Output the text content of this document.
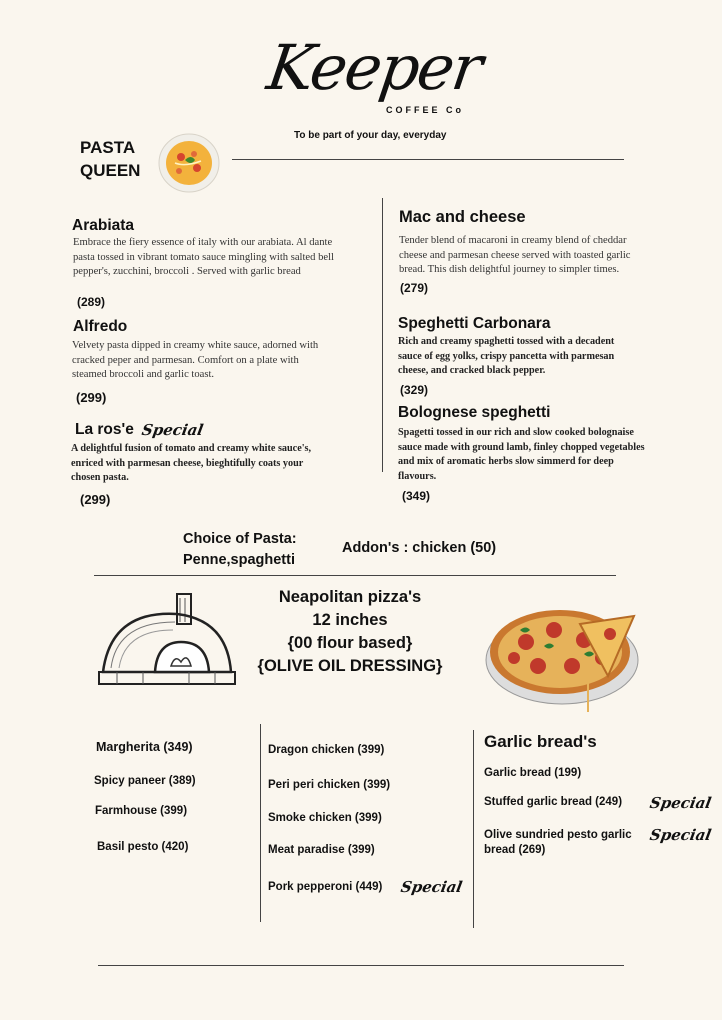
Keeper
COFFEE Co
To be part of your day, everyday
PASTA
QUEEN
Arabiata
Embrace the fiery essence of italy with our arabiata. Al dante pasta tossed in vibrant tomato sauce mingling with salted bell pepper's, zucchini, broccoli . Served with garlic bread
(289)
Alfredo
Velvety pasta dipped in creamy white sauce, adorned with cracked peper and parmesan. Comfort on a plate with steamed broccoli and garlic toast.
(299)
La ros'e Special
A delightful fusion of tomato and creamy white sauce's, enriced with parmesan cheese, bieghtifully coats your chosen pasta.
(299)
Mac and cheese
Tender blend of macaroni in creamy blend of cheddar cheese and parmesan cheese served with toasted garlic bread. This dish delightful journey to simpler times.
(279)
Speghetti Carbonara
Rich and creamy spaghetti tossed with a decadent sauce of egg yolks, crispy pancetta with parmesan cheese, and cracked black pepper.
(329)
Bolognese speghetti
Spagetti tossed in our rich and slow cooked bolognaise sauce made with ground lamb, finley chopped vegetables and mix of aromatic herbs slow simmerd for deep flavours.
(349)
Choice of Pasta:
Penne,spaghetti
Addon's : chicken (50)
Neapolitan pizza's
12 inches
{00 flour based}
{OLIVE OIL DRESSING}
Margherita (349)
Spicy paneer (389)
Farmhouse (399)
Basil pesto (420)
Dragon chicken (399)
Peri peri chicken (399)
Smoke chicken (399)
Meat paradise (399)
Pork pepperoni (449) Special
Garlic bread's
Garlic bread (199)
Stuffed garlic bread (249) Special
Olive sundried pesto garlic
bread (269)
Special
